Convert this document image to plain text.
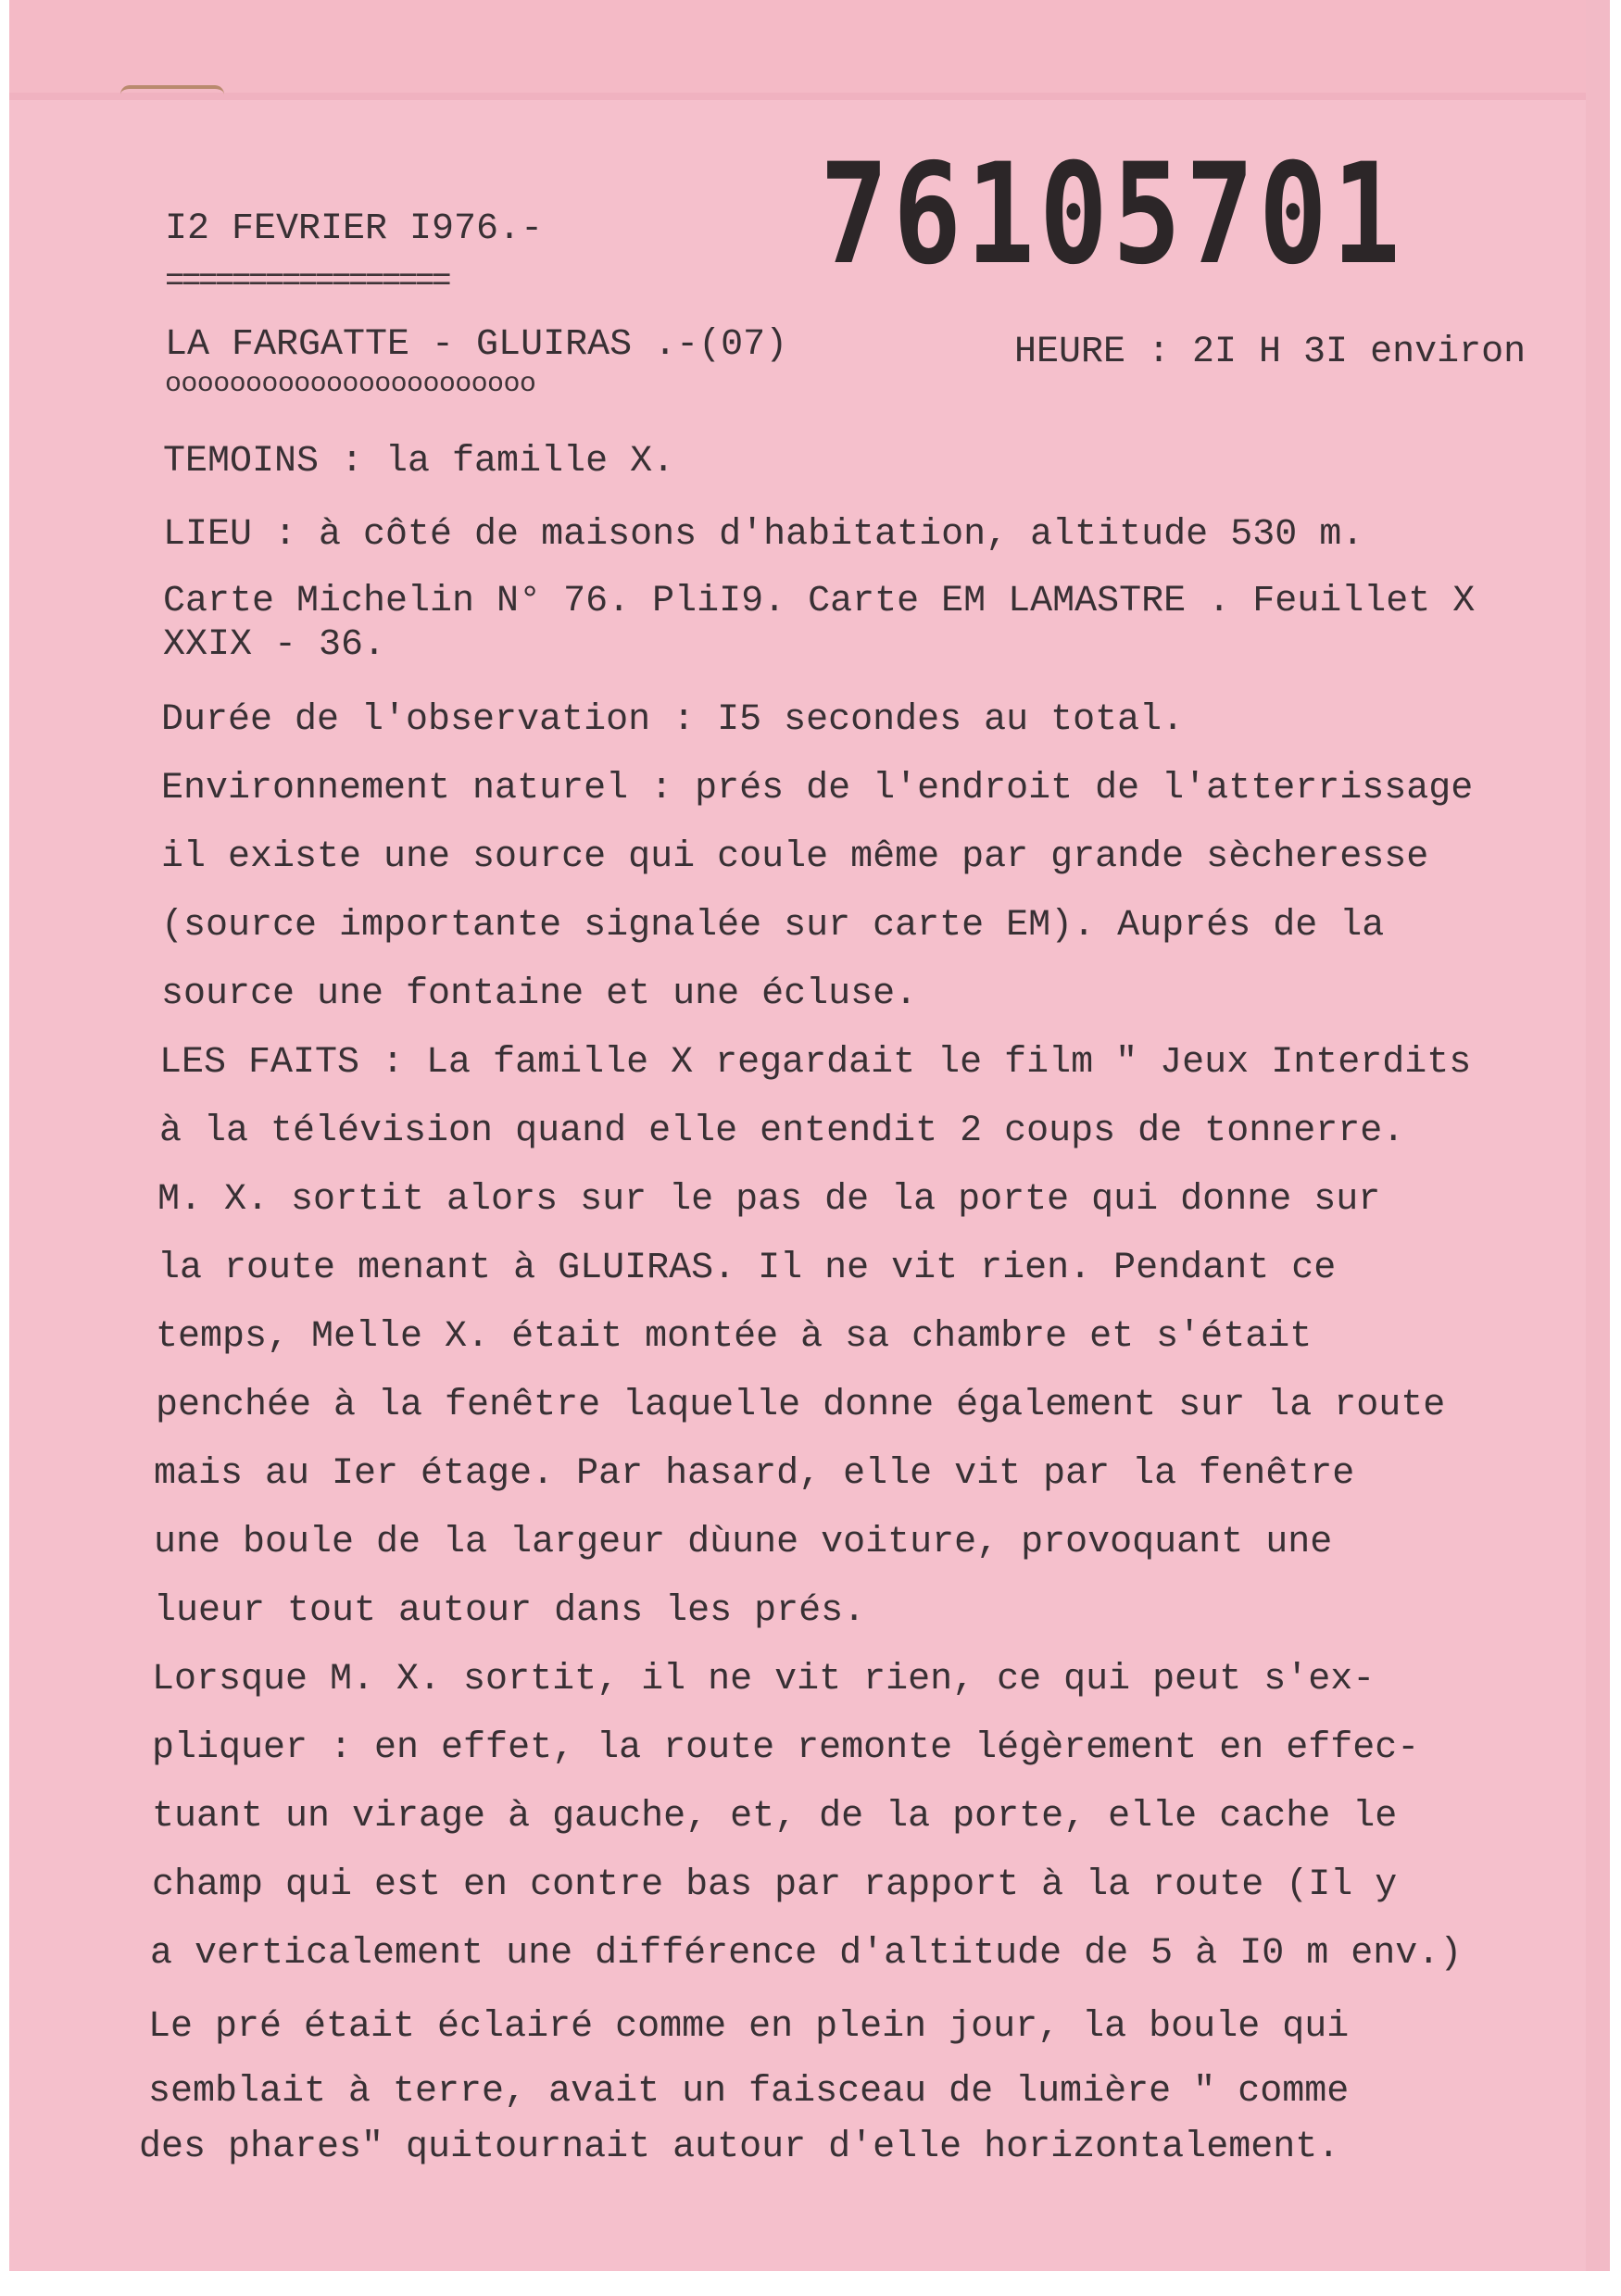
76105701
I2 FEVRIER I976.-
=================
LA FARGATTE - GLUIRAS .-(07)
ooooooooooooooooooooooo
HEURE : 2I H 3I environ
TEMOINS : la famille X.
LIEU : à côté de maisons d'habitation, altitude 530 m.
Carte Michelin N° 76. PliI9. Carte EM LAMASTRE . Feuillet X
XXIX - 36.
Durée de l'observation : I5 secondes au total.
Environnement naturel : prés de l'endroit de l'atterrissage
il existe une source qui coule même par grande sècheresse
(source importante signalée sur carte EM). Auprés de la
source une fontaine et une écluse.
LES FAITS : La famille X regardait le film " Jeux Interdits
à la télévision quand elle entendit 2 coups de tonnerre.
M. X. sortit alors sur le pas de la porte qui donne sur
la route menant à GLUIRAS. Il ne vit rien. Pendant ce
temps, Melle X. était montée à sa chambre et s'était
penchée à la fenêtre laquelle donne également sur la route
mais au Ier étage. Par hasard, elle vit par la fenêtre
une boule de la largeur dùune voiture, provoquant une
lueur tout autour dans les prés.
Lorsque M. X. sortit, il ne vit rien, ce qui peut s'ex-
pliquer : en effet, la route remonte légèrement en effec-
tuant un virage à gauche, et, de la porte, elle cache le
champ qui est en contre bas par rapport à la route (Il y
a verticalement une différence d'altitude de 5 à I0 m env.)
Le pré était éclairé comme en plein jour, la boule qui
semblait à terre, avait un faisceau de lumière " comme
des phares" quitournait autour d'elle horizontalement.
